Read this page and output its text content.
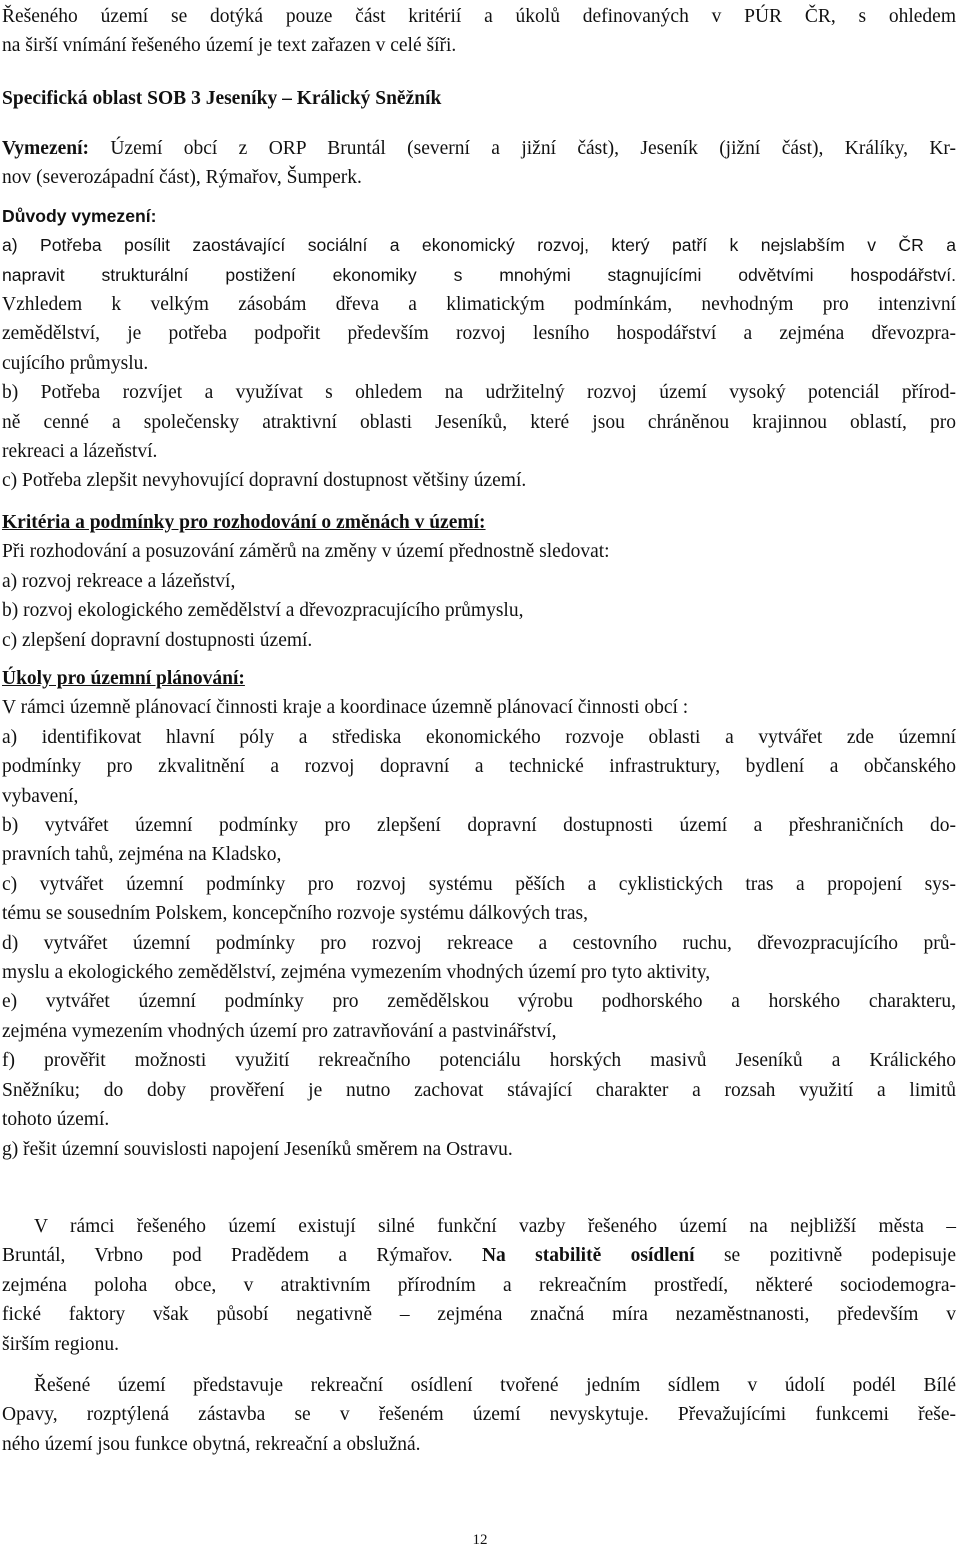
Řešeného území se dotýká pouze část kritérií a úkolů definovaných v PÚR ČR, s ohledem

na širší vnímání řešeného území je text zařazen v celé šíři.

Specifická oblast SOB 3 Jeseníky – Králický Sněžník

Vymezení: Území obcí z ORP Bruntál (severní a jižní část), Jeseník (jižní část), Králíky, Kr-

nov (severozápadní část), Rýmařov, Šumperk.

Důvody vymezení:

a) Potřeba posílit zaostávající sociální a ekonomický rozvoj, který patří k nejslabším v ČR a

napravit strukturální postižení ekonomiky s mnohými stagnujícími odvětvími hospodářství.

Vzhledem k velkým zásobám dřeva a klimatickým podmínkám, nevhodným pro intenzivní

zemědělství, je potřeba podpořit především rozvoj lesního hospodářství a zejména dřevozpra-

cujícího průmyslu.

b) Potřeba rozvíjet a využívat s ohledem na udržitelný rozvoj území vysoký potenciál přírod-

ně cenné a společensky atraktivní oblasti Jeseníků, které jsou chráněnou krajinnou oblastí, pro

rekreaci a lázeňství.

c) Potřeba zlepšit nevyhovující dopravní dostupnost většiny území.

Kritéria a podmínky pro rozhodování o změnách v území:

Při rozhodování a posuzování záměrů na změny v území přednostně sledovat:

a) rozvoj rekreace a lázeňství,

b) rozvoj ekologického zemědělství a dřevozpracujícího průmyslu,

c) zlepšení dopravní dostupnosti území.

Úkoly pro územní plánování:

V rámci územně plánovací činnosti kraje a koordinace územně plánovací činnosti obcí :

a) identifikovat hlavní póly a střediska ekonomického rozvoje oblasti a vytvářet zde územní

podmínky pro zkvalitnění a rozvoj dopravní a technické infrastruktury, bydlení a občanského

vybavení,

b) vytvářet územní podmínky pro zlepšení dopravní dostupnosti území a přeshraničních do-

pravních tahů, zejména na Kladsko,

c) vytvářet územní podmínky pro rozvoj systému pěších a cyklistických tras a propojení sys-

tému se sousedním Polskem, koncepčního rozvoje systému dálkových tras,

d) vytvářet územní podmínky pro rozvoj rekreace a cestovního ruchu, dřevozpracujícího prů-

myslu a ekologického zemědělství, zejména vymezením vhodných území pro tyto aktivity,

e) vytvářet územní podmínky pro zemědělskou výrobu podhorského a horského charakteru,

zejména vymezením vhodných území pro zatravňování a pastvinářství,

f) prověřit možnosti využití rekreačního potenciálu horských masivů Jeseníků a Králického

Sněžníku; do doby prověření je nutno zachovat stávající charakter a rozsah využití a limitů

tohoto území.

g) řešit územní souvislosti napojení Jeseníků směrem na Ostravu.

V rámci řešeného území existují silné funkční vazby řešeného území na nejbližší města –

Bruntál, Vrbno pod Pradědem a Rýmařov. Na stabilitě osídlení se pozitivně podepisuje

zejména poloha obce, v atraktivním přírodním a rekreačním prostředí, některé sociodemogra-

fické faktory však působí negativně – zejména značná míra nezaměstnanosti, především v

širším regionu.

Řešené území představuje rekreační osídlení tvořené jedním sídlem v údolí podél Bílé

Opavy, rozptýlená zástavba se v řešeném území nevyskytuje. Převažujícími funkcemi řeše-

ného území jsou funkce obytná, rekreační a obslužná.

12
